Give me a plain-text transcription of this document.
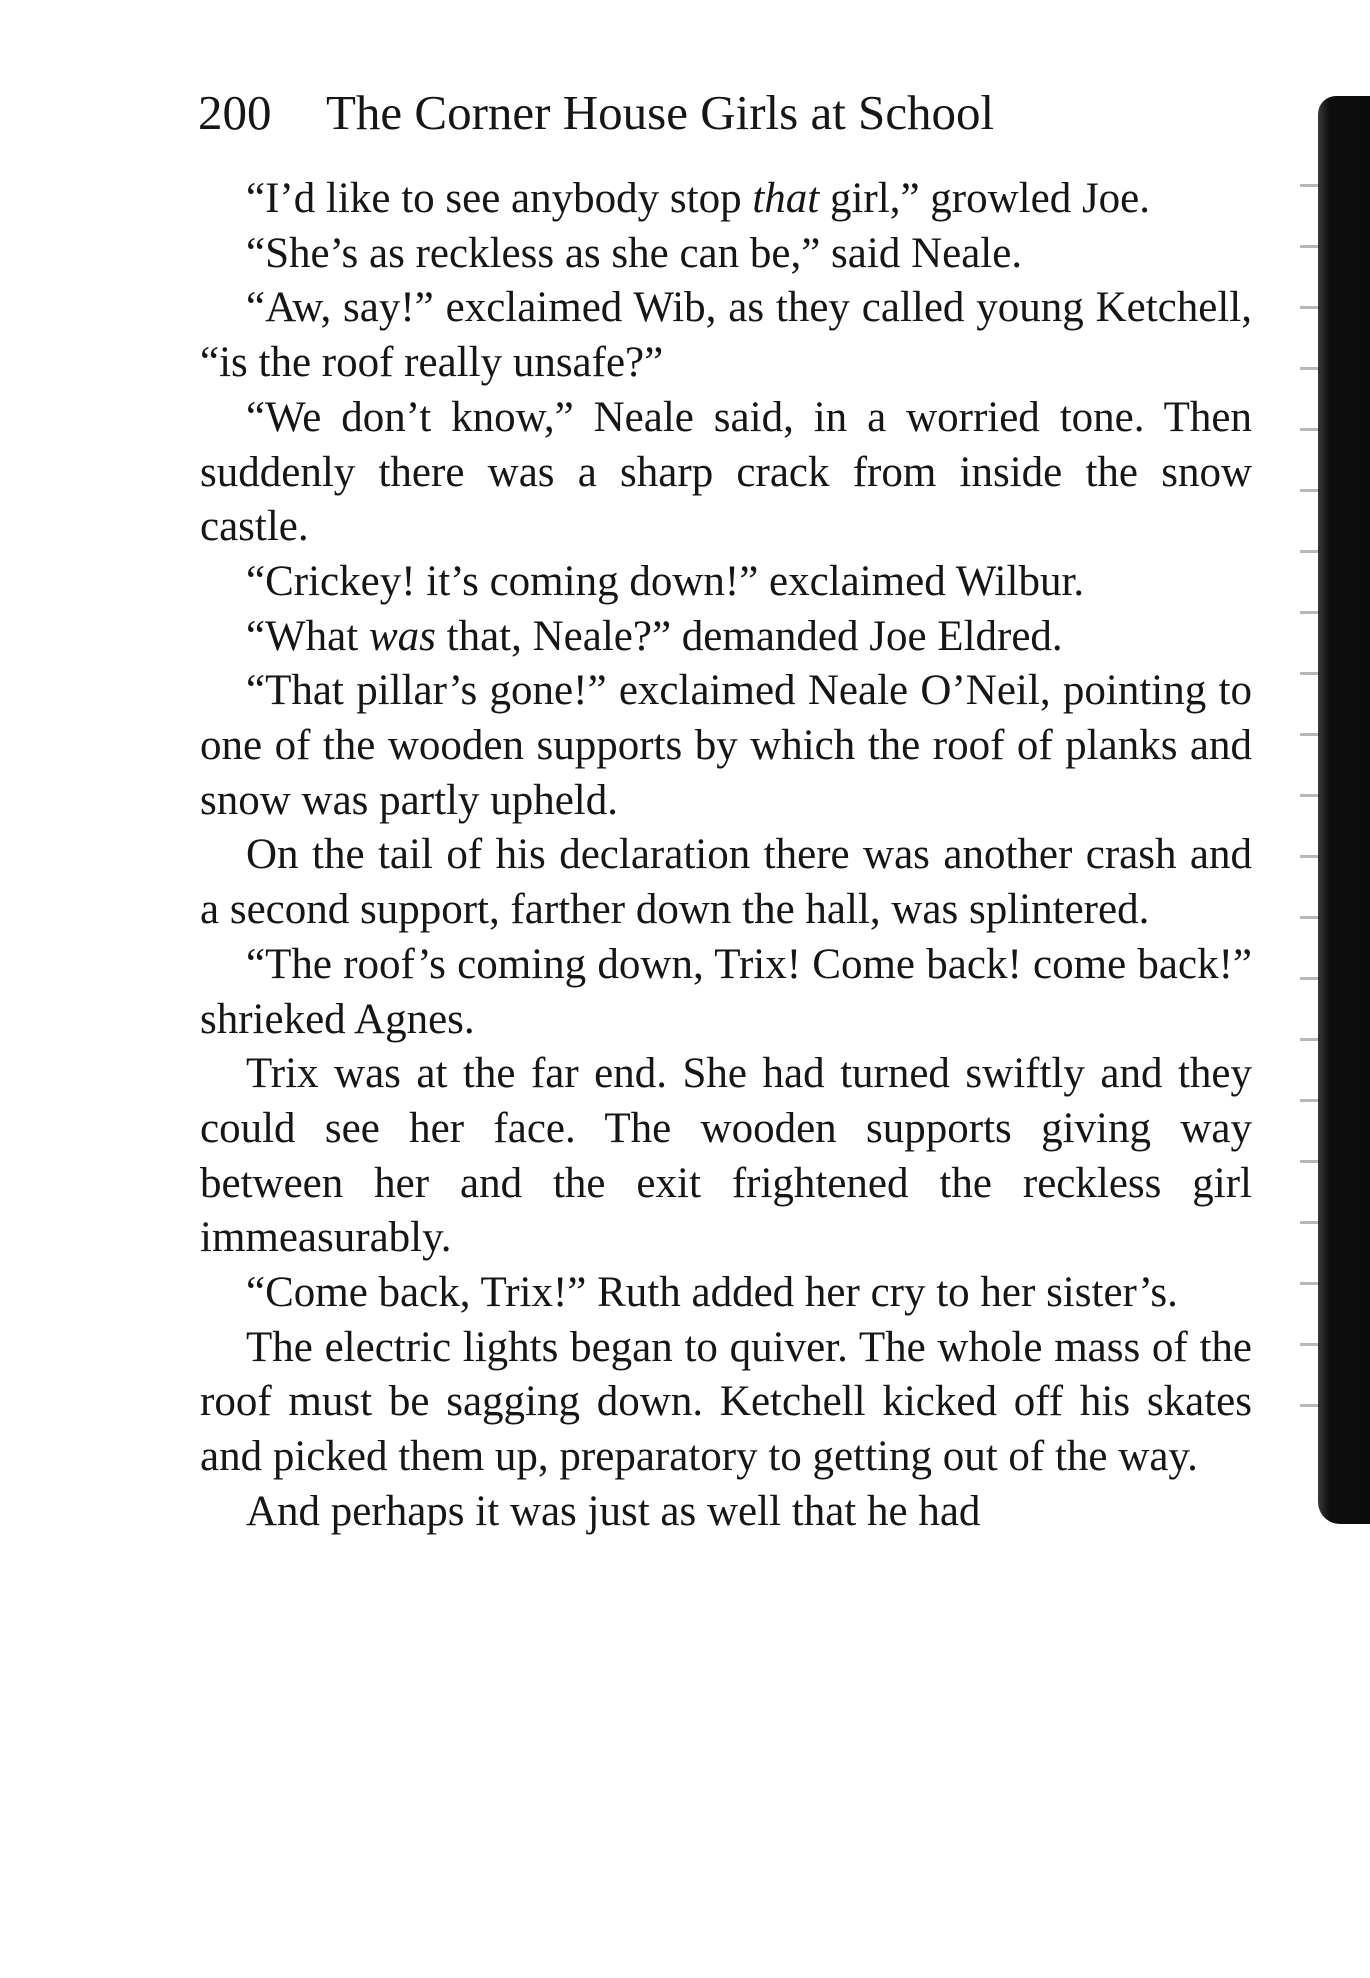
200 The Corner House Girls at School

“I’d like to see anybody stop that girl,” growled Joe.

“She’s as reckless as she can be,” said Neale.

“Aw, say!” exclaimed Wib, as they called young Ketchell, “is the roof really unsafe?”

“We don’t know,” Neale said, in a worried tone. Then suddenly there was a sharp crack from inside the snow castle.

“Crickey! it’s coming down!” exclaimed Wilbur.

“What was that, Neale?” demanded Joe Eldred.

“That pillar’s gone!” exclaimed Neale O’Neil, pointing to one of the wooden supports by which the roof of planks and snow was partly upheld.

On the tail of his declaration there was another crash and a second support, farther down the hall, was splintered.

“The roof’s coming down, Trix! Come back! come back!” shrieked Agnes.

Trix was at the far end. She had turned swiftly and they could see her face. The wooden supports giving way between her and the exit frightened the reckless girl immeasurably.

“Come back, Trix!” Ruth added her cry to her sister’s.

The electric lights began to quiver. The whole mass of the roof must be sagging down. Ketchell kicked off his skates and picked them up, preparatory to getting out of the way.

And perhaps it was just as well that he had
